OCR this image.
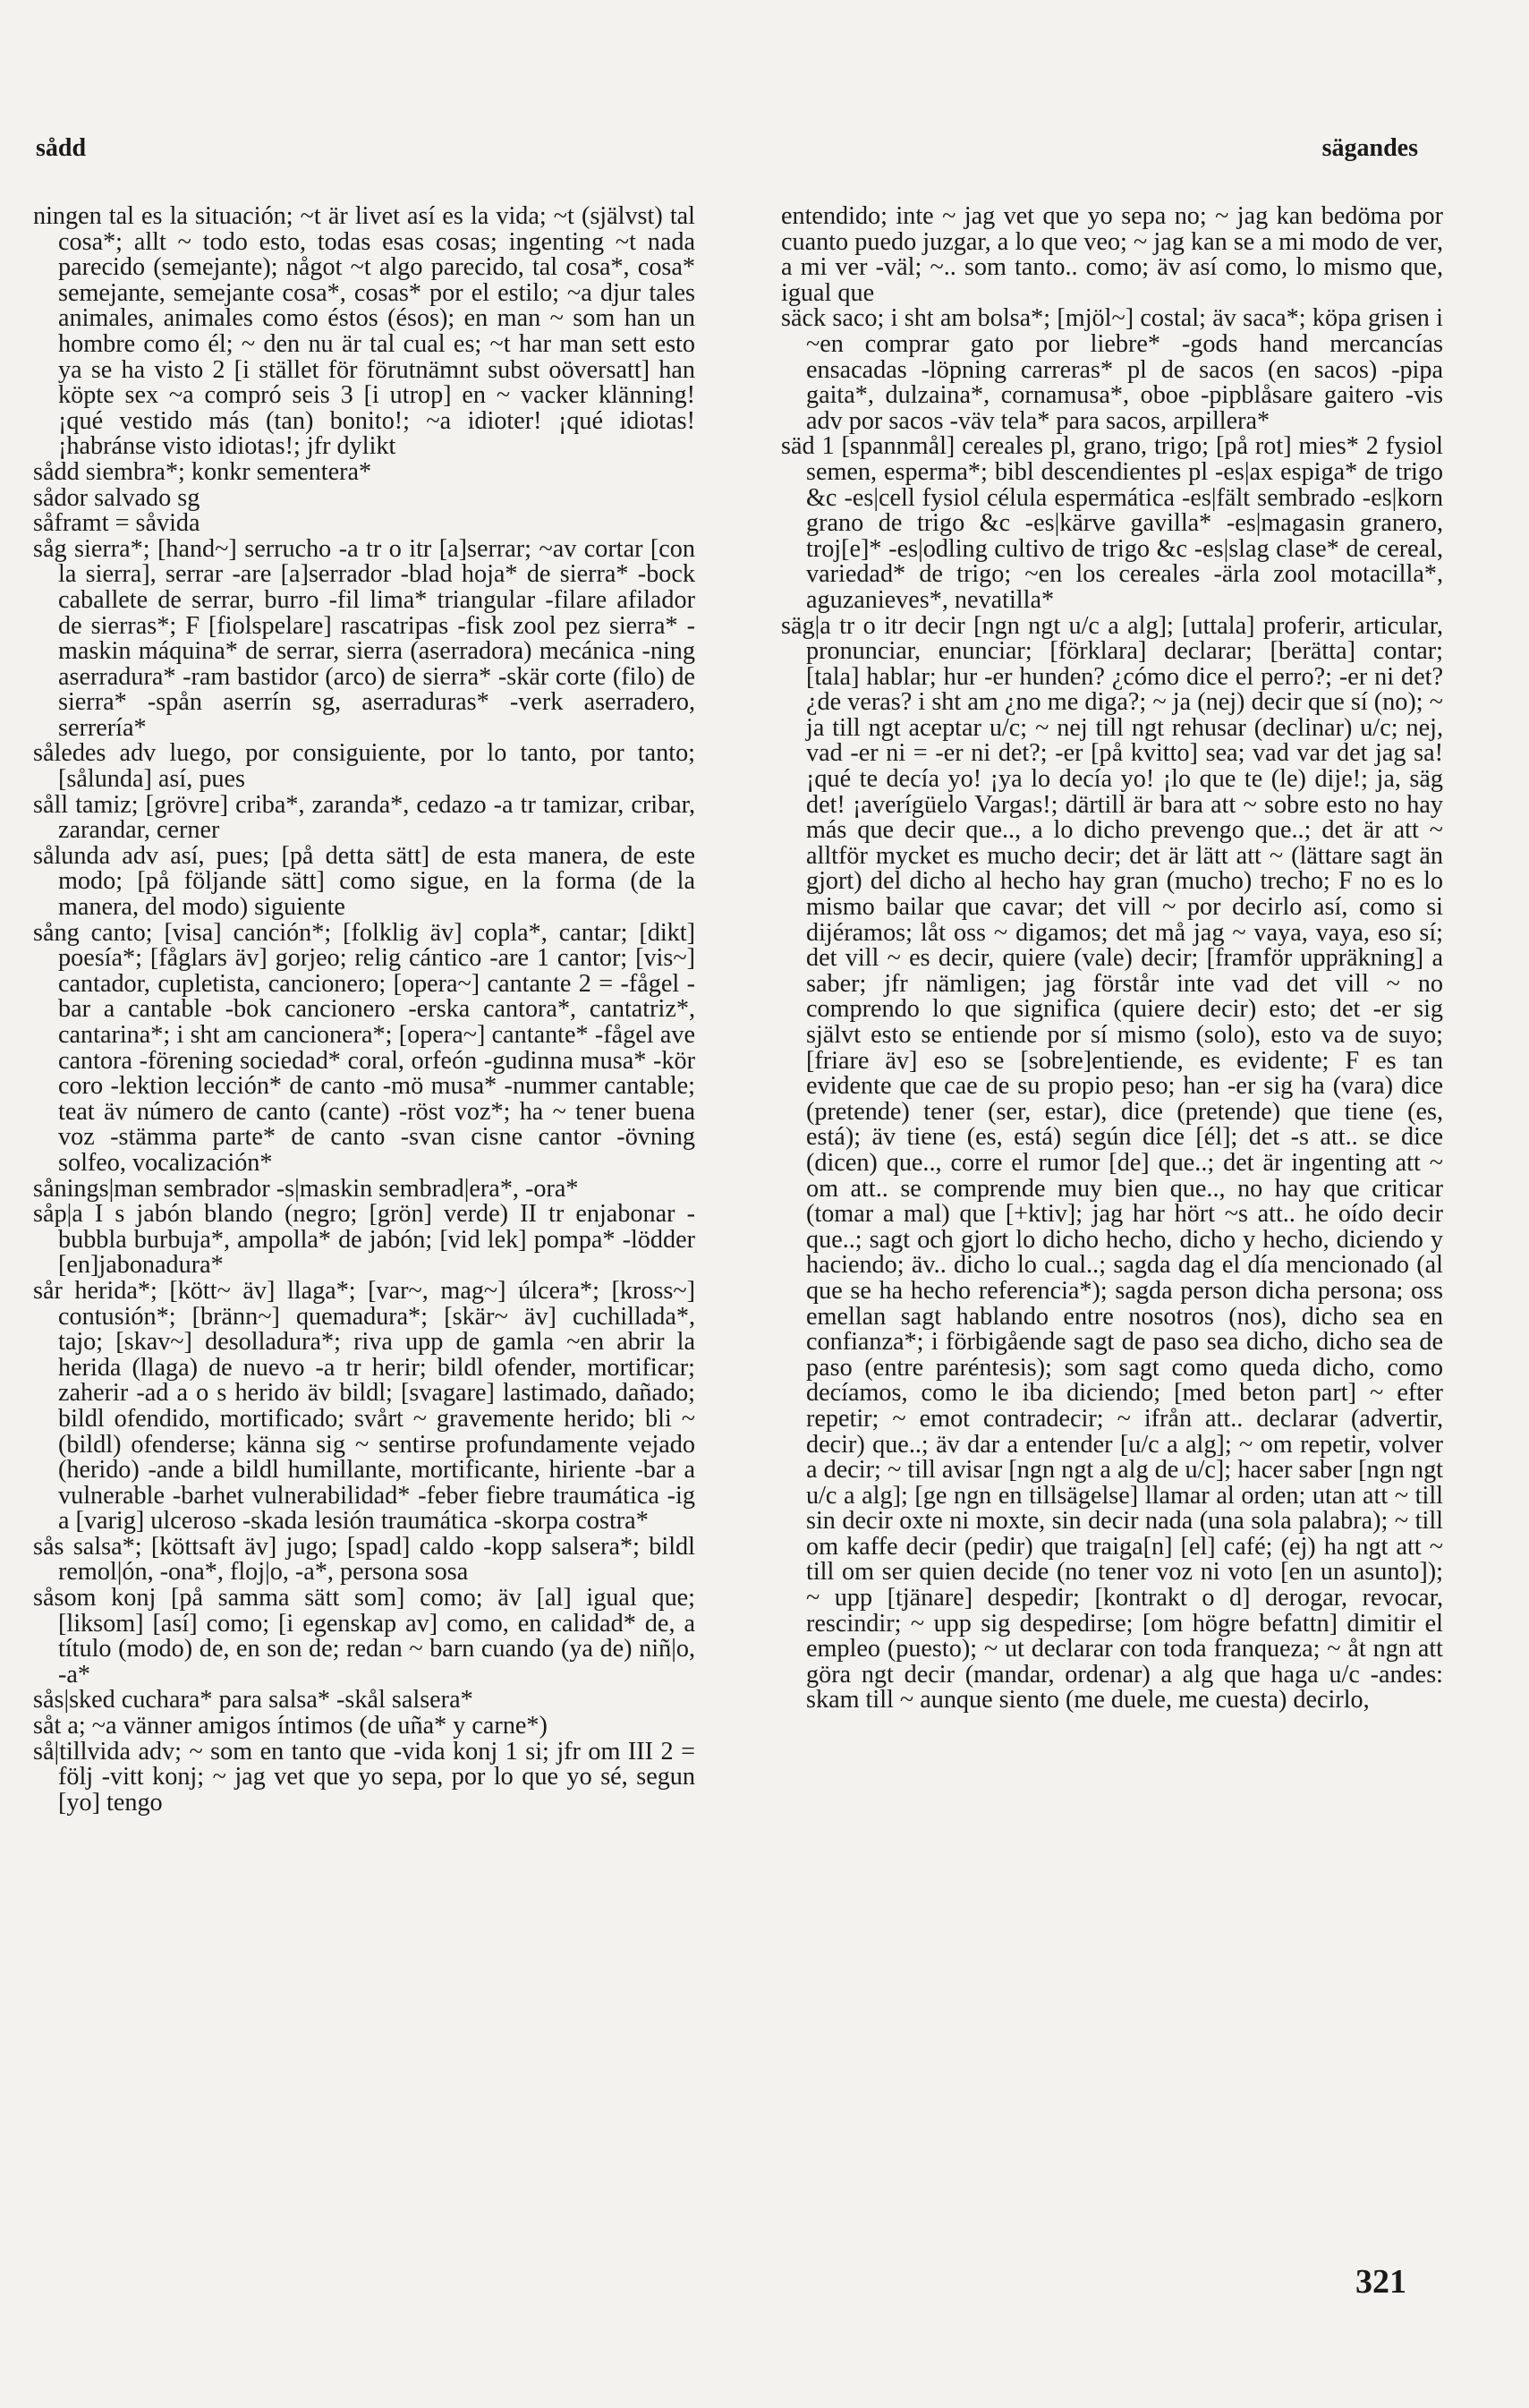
sådd	sägandes

ningen tal es la situación; ~t är livet así es la vida; ~t (självst) tal cosa*; allt ~ todo esto, todas esas cosas; ingenting ~t nada parecido (semejante); något ~t algo parecido, tal cosa*, cosa* semejante, semejante cosa*, cosas* por el estilo; ~a djur tales animales, animales como éstos (ésos); en man ~ som han un hombre como él; ~ den nu är tal cual es; ~t har man sett esto ya se ha visto 2 [i stället för förutnämnt subst oöversatt] han köpte sex ~a compró seis 3 [i utrop] en ~ vacker klänning! ¡qué vestido más (tan) bonito!; ~a idioter! ¡qué idiotas! ¡habránse visto idiotas!; jfr dylikt

sådd siembra*; konkr sementera*

sådor salvado sg

såframt = såvida

såg sierra*; [hand~] serrucho -a tr o itr [a]serrar; ~av cortar [con la sierra], serrar -are [a]serrador -blad hoja* de sierra* -bock caballete de serrar, burro -fil lima* triangular -filare afilador de sierras*; F [fiolspelare] rascatripas -fisk zool pez sierra* -maskin máquina* de serrar, sierra (aserradora) mecánica -ning aserradura* -ram bastidor (arco) de sierra* -skär corte (filo) de sierra* -spån aserrín sg, aserraduras* -verk aserradero, serrería*

således adv luego, por consiguiente, por lo tanto, por tanto; [sålunda] así, pues

såll tamiz; [grövre] criba*, zaranda*, cedazo -a tr tamizar, cribar, zarandar, cerner

sålunda adv así, pues; [på detta sätt] de esta manera, de este modo; [på följande sätt] como sigue, en la forma (de la manera, del modo) siguiente

sång canto; [visa] canción*; [folklig äv] copla*, cantar; [dikt] poesía*; [fåglars äv] gorjeo; relig cántico -are 1 cantor; [vis~] cantador, cupletista, cancionero; [opera~] cantante 2 = -fågel -bar a cantable -bok cancionero -erska cantora*, cantatriz*, cantarina*; i sht am cancionera*; [opera~] cantante* -fågel ave cantora -förening sociedad* coral, orfeón -gudinna musa* -kör coro -lektion lección* de canto -mö musa* -nummer cantable; teat äv número de canto (cante) -röst voz*; ha ~ tener buena voz -stämma parte* de canto -svan cisne cantor -övning solfeo, vocalización*

sånings|man sembrador -s|maskin sembrad|era*, -ora*

såp|a I s jabón blando (negro; [grön] verde) II tr enjabonar -bubbla burbuja*, ampolla* de jabón; [vid lek] pompa* -lödder [en]jabonadura*

sår herida*; [kött~ äv] llaga*; [var~, mag~] úlcera*; [kross~] contusión*; [bränn~] quemadura*; [skär~ äv] cuchillada*, tajo; [skav~] desolladura*; riva upp de gamla ~en abrir la herida (llaga) de nuevo -a tr herir; bildl ofender, mortificar; zaherir -ad a o s herido äv bildl; [svagare] lastimado, dañado; bildl ofendido, mortificado; svårt ~ gravemente herido; bli ~ (bildl) ofenderse; känna sig ~ sentirse profundamente vejado (herido) -ande a bildl humillante, mortificante, hiriente -bar a vulnerable -barhet vulnerabilidad* -feber fiebre traumática -ig a [varig] ulceroso -skada lesión traumática -skorpa costra*

sås salsa*; [köttsaft äv] jugo; [spad] caldo -kopp salsera*; bildl remol|ón, -ona*, floj|o, -a*, persona sosa

såsom konj [på samma sätt som] como; äv [al] igual que; [liksom] [así] como; [i egenskap av] como, en calidad* de, a título (modo) de, en son de; redan ~ barn cuando (ya de) niñ|o, -a*

sås|sked cuchara* para salsa* -skål salsera*

såt a; ~a vänner amigos íntimos (de uña* y carne*)

så|tillvida adv; ~ som en tanto que -vida konj 1 si; jfr om III 2 = följ -vitt konj; ~ jag vet que yo sepa, por lo que yo sé, segun [yo] tengo

entendido; inte ~ jag vet que yo sepa no; ~ jag kan bedöma por cuanto puedo juzgar, a lo que veo; ~ jag kan se a mi modo de ver, a mi ver -väl; ~.. som tanto.. como; äv así como, lo mismo que, igual que

säck saco; i sht am bolsa*; [mjöl~] costal; äv saca*; köpa grisen i ~en comprar gato por liebre* -gods hand mercancías ensacadas -löpning carreras* pl de sacos (en sacos) -pipa gaita*, dulzaina*, cornamusa*, oboe -pipblåsare gaitero -vis adv por sacos -väv tela* para sacos, arpillera*

säd 1 [spannmål] cereales pl, grano, trigo; [på rot] mies* 2 fysiol semen, esperma*; bibl descendientes pl -es|ax espiga* de trigo &c -es|cell fysiol célula espermática -es|fält sembrado -es|korn grano de trigo &c -es|kärve gavilla* -es|magasin granero, troj[e]* -es|odling cultivo de trigo &c -es|slag clase* de cereal, variedad* de trigo; ~en los cereales -ärla zool motacilla*, aguzanieves*, nevatilla*

säg|a tr o itr decir [ngn ngt u/c a alg]; [uttala] proferir, articular, pronunciar, enunciar; [förklara] declarar; [berätta] contar; [tala] hablar; hur -er hunden? ¿cómo dice el perro?; -er ni det? ¿de veras? i sht am ¿no me diga?; ~ ja (nej) decir que sí (no); ~ ja till ngt aceptar u/c; ~ nej till ngt rehusar (declinar) u/c; nej, vad -er ni = -er ni det?; -er [på kvitto] sea; vad var det jag sa! ¡qué te decía yo! ¡ya lo decía yo! ¡lo que te (le) dije!; ja, säg det! ¡averígüelo Vargas!; därtill är bara att ~ sobre esto no hay más que decir que.., a lo dicho prevengo que..; det är att ~ alltför mycket es mucho decir; det är lätt att ~ (lättare sagt än gjort) del dicho al hecho hay gran (mucho) trecho; F no es lo mismo bailar que cavar; det vill ~ por decirlo así, como si dijéramos; låt oss ~ digamos; det må jag ~ vaya, vaya, eso sí; det vill ~ es decir, quiere (vale) decir; [framför uppräkning] a saber; jfr nämligen; jag förstår inte vad det vill ~ no comprendo lo que significa (quiere decir) esto; det -er sig självt esto se entiende por sí mismo (solo), esto va de suyo; [friare äv] eso se [sobre]entiende, es evidente; F es tan evidente que cae de su propio peso; han -er sig ha (vara) dice (pretende) tener (ser, estar), dice (pretende) que tiene (es, está); äv tiene (es, está) según dice [él]; det -s att.. se dice (dicen) que.., corre el rumor [de] que..; det är ingenting att ~ om att.. se comprende muy bien que.., no hay que criticar (tomar a mal) que [+ktiv]; jag har hört ~s att.. he oído decir que..; sagt och gjort lo dicho hecho, dicho y hecho, diciendo y haciendo; äv.. dicho lo cual..; sagda dag el día mencionado (al que se ha hecho referencia*); sagda person dicha persona; oss emellan sagt hablando entre nosotros (nos), dicho sea en confianza*; i förbigående sagt de paso sea dicho, dicho sea de paso (entre paréntesis); som sagt como queda dicho, como decíamos, como le iba diciendo; [med beton part] ~ efter repetir; ~ emot contradecir; ~ ifrån att.. declarar (advertir, decir) que..; äv dar a entender [u/c a alg]; ~ om repetir, volver a decir; ~ till avisar [ngn ngt a alg de u/c]; hacer saber [ngn ngt u/c a alg]; [ge ngn en tillsägelse] llamar al orden; utan att ~ till sin decir oxte ni moxte, sin decir nada (una sola palabra); ~ till om kaffe decir (pedir) que traiga[n] [el] café; (ej) ha ngt att ~ till om ser quien decide (no tener voz ni voto [en un asunto]); ~ upp [tjänare] despedir; [kontrakt o d] derogar, revocar, rescindir; ~ upp sig despedirse; [om högre befattn] dimitir el empleo (puesto); ~ ut declarar con toda franqueza; ~ åt ngn att göra ngt decir (mandar, ordenar) a alg que haga u/c -andes: skam till ~ aunque siento (me duele, me cuesta) decirlo,

321
